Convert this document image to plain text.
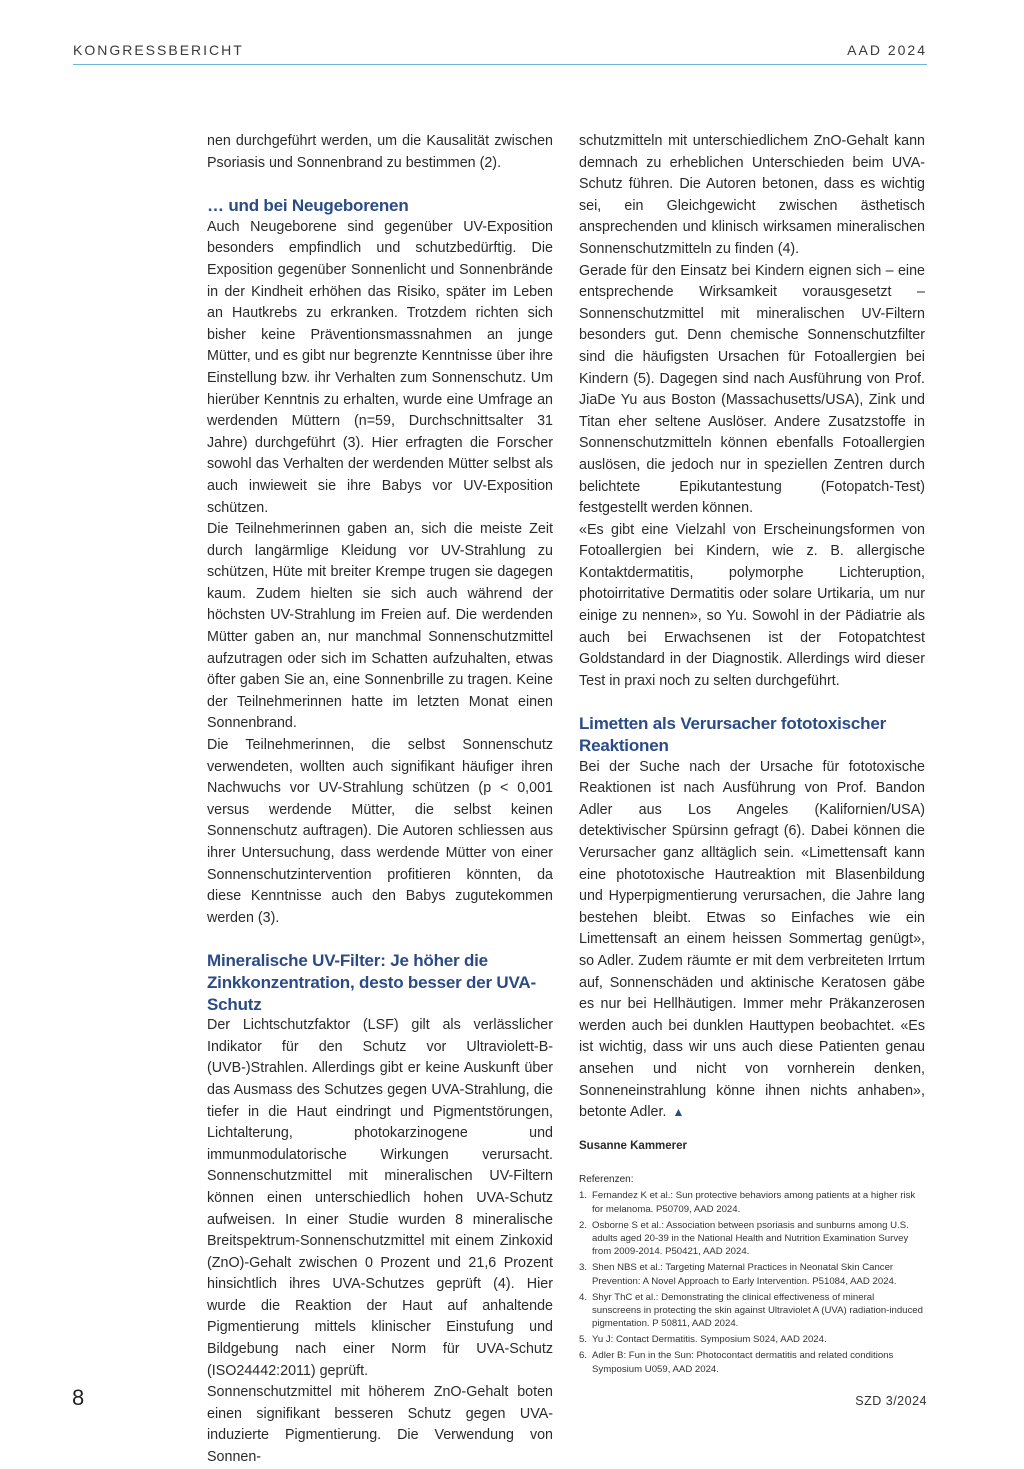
KONGRESSBERICHT	AAD 2024

nen durchgeführt werden, um die Kausalität zwischen Psoriasis und Sonnenbrand zu bestimmen (2).

… und bei Neugeborenen

Auch Neugeborene sind gegenüber UV-Exposition besonders empfindlich und schutzbedürftig. Die Exposition gegenüber Sonnenlicht und Sonnenbrände in der Kindheit erhöhen das Risiko, später im Leben an Hautkrebs zu erkranken. Trotzdem richten sich bisher keine Präventionsmassnahmen an junge Mütter, und es gibt nur begrenzte Kenntnisse über ihre Einstellung bzw. ihr Verhalten zum Sonnenschutz. Um hierüber Kenntnis zu erhalten, wurde eine Umfrage an werdenden Müttern (n=59, Durchschnittsalter 31 Jahre) durchgeführt (3). Hier erfragten die Forscher sowohl das Verhalten der werdenden Mütter selbst als auch inwieweit sie ihre Babys vor UV-Exposition schützen.

Die Teilnehmerinnen gaben an, sich die meiste Zeit durch langärmlige Kleidung vor UV-Strahlung zu schützen, Hüte mit breiter Krempe trugen sie dagegen kaum. Zudem hielten sie sich auch während der höchsten UV-Strahlung im Freien auf. Die werdenden Mütter gaben an, nur manchmal Sonnenschutzmittel aufzutragen oder sich im Schatten aufzuhalten, etwas öfter gaben Sie an, eine Sonnenbrille zu tragen. Keine der Teilnehmerinnen hatte im letzten Monat einen Sonnenbrand.

Die Teilnehmerinnen, die selbst Sonnenschutz verwendeten, wollten auch signifikant häufiger ihren Nachwuchs vor UV-Strahlung schützen (p < 0,001 versus werdende Mütter, die selbst keinen Sonnenschutz auftragen). Die Autoren schliessen aus ihrer Untersuchung, dass werdende Mütter von einer Sonnenschutzintervention profitieren könnten, da diese Kenntnisse auch den Babys zugutekommen werden (3).

Mineralische UV-Filter: Je höher die Zinkkonzentration, desto besser der UVA-Schutz

Der Lichtschutzfaktor (LSF) gilt als verlässlicher Indikator für den Schutz vor Ultraviolett-B-(UVB-)Strahlen. Allerdings gibt er keine Auskunft über das Ausmass des Schutzes gegen UVA-Strahlung, die tiefer in die Haut eindringt und Pigmentstörungen, Lichtalterung, photokarzinogene und immunmodulatorische Wirkungen verursacht. Sonnenschutzmittel mit mineralischen UV-Filtern können einen unterschiedlich hohen UVA-Schutz aufweisen. In einer Studie wurden 8 mineralische Breitspektrum-Sonnenschutzmittel mit einem Zinkoxid (ZnO)-Gehalt zwischen 0 Prozent und 21,6 Prozent hinsichtlich ihres UVA-Schutzes geprüft (4). Hier wurde die Reaktion der Haut auf anhaltende Pigmentierung mittels klinischer Einstufung und Bildgebung nach einer Norm für UVA-Schutz (ISO24442:2011) geprüft.

Sonnenschutzmittel mit höherem ZnO-Gehalt boten einen signifikant besseren Schutz gegen UVA-induzierte Pigmentierung. Die Verwendung von Sonnen-

schutzmitteln mit unterschiedlichem ZnO-Gehalt kann demnach zu erheblichen Unterschieden beim UVA-Schutz führen. Die Autoren betonen, dass es wichtig sei, ein Gleichgewicht zwischen ästhetisch ansprechenden und klinisch wirksamen mineralischen Sonnenschutzmitteln zu finden (4).

Gerade für den Einsatz bei Kindern eignen sich – eine entsprechende Wirksamkeit vorausgesetzt – Sonnenschutzmittel mit mineralischen UV-Filtern besonders gut. Denn chemische Sonnenschutzfilter sind die häufigsten Ursachen für Fotoallergien bei Kindern (5). Dagegen sind nach Ausführung von Prof. JiaDe Yu aus Boston (Massachusetts/USA), Zink und Titan eher seltene Auslöser. Andere Zusatzstoffe in Sonnenschutzmitteln können ebenfalls Fotoallergien auslösen, die jedoch nur in speziellen Zentren durch belichtete Epikutantestung (Fotopatch-Test) festgestellt werden können.

«Es gibt eine Vielzahl von Erscheinungsformen von Fotoallergien bei Kindern, wie z. B. allergische Kontaktdermatitis, polymorphe Lichteruption, photoirritative Dermatitis oder solare Urtikaria, um nur einige zu nennen», so Yu. Sowohl in der Pädiatrie als auch bei Erwachsenen ist der Fotopatchtest Goldstandard in der Diagnostik. Allerdings wird dieser Test in praxi noch zu selten durchgeführt.

Limetten als Verursacher fototoxischer Reaktionen

Bei der Suche nach der Ursache für fototoxische Reaktionen ist nach Ausführung von Prof. Bandon Adler aus Los Angeles (Kalifornien/USA) detektivischer Spürsinn gefragt (6). Dabei können die Verursacher ganz alltäglich sein. «Limettensaft kann eine phototoxische Hautreaktion mit Blasenbildung und Hyperpigmentierung verursachen, die Jahre lang bestehen bleibt. Etwas so Einfaches wie ein Limettensaft an einem heissen Sommertag genügt», so Adler. Zudem räumte er mit dem verbreiteten Irrtum auf, Sonnenschäden und aktinische Keratosen gäbe es nur bei Hellhäutigen. Immer mehr Präkanzerosen werden auch bei dunklen Hauttypen beobachtet. «Es ist wichtig, dass wir uns auch diese Patienten genau ansehen und nicht von vornherein denken, Sonneneinstrahlung könne ihnen nichts anhaben», betonte Adler. ▲

Susanne Kammerer
Referenzen:
1. Fernandez K et al.: Sun protective behaviors among patients at a higher risk for melanoma. P50709, AAD 2024.
2. Osborne S et al.: Association between psoriasis and sunburns among U.S. adults aged 20-39 in the National Health and Nutrition Examination Survey from 2009-2014. P50421, AAD 2024.
3. Shen NBS et al.: Targeting Maternal Practices in Neonatal Skin Cancer Prevention: A Novel Approach to Early Intervention. P51084, AAD 2024.
4. Shyr ThC et al.: Demonstrating the clinical effectiveness of mineral sunscreens in protecting the skin against Ultraviolet A (UVA) radiation-induced pigmentation. P 50811, AAD 2024.
5. Yu J: Contact Dermatitis. Symposium S024, AAD 2024.
6. Adler B: Fun in the Sun: Photocontact dermatitis and related conditions Symposium U059, AAD 2024.
8	SZD 3/2024
